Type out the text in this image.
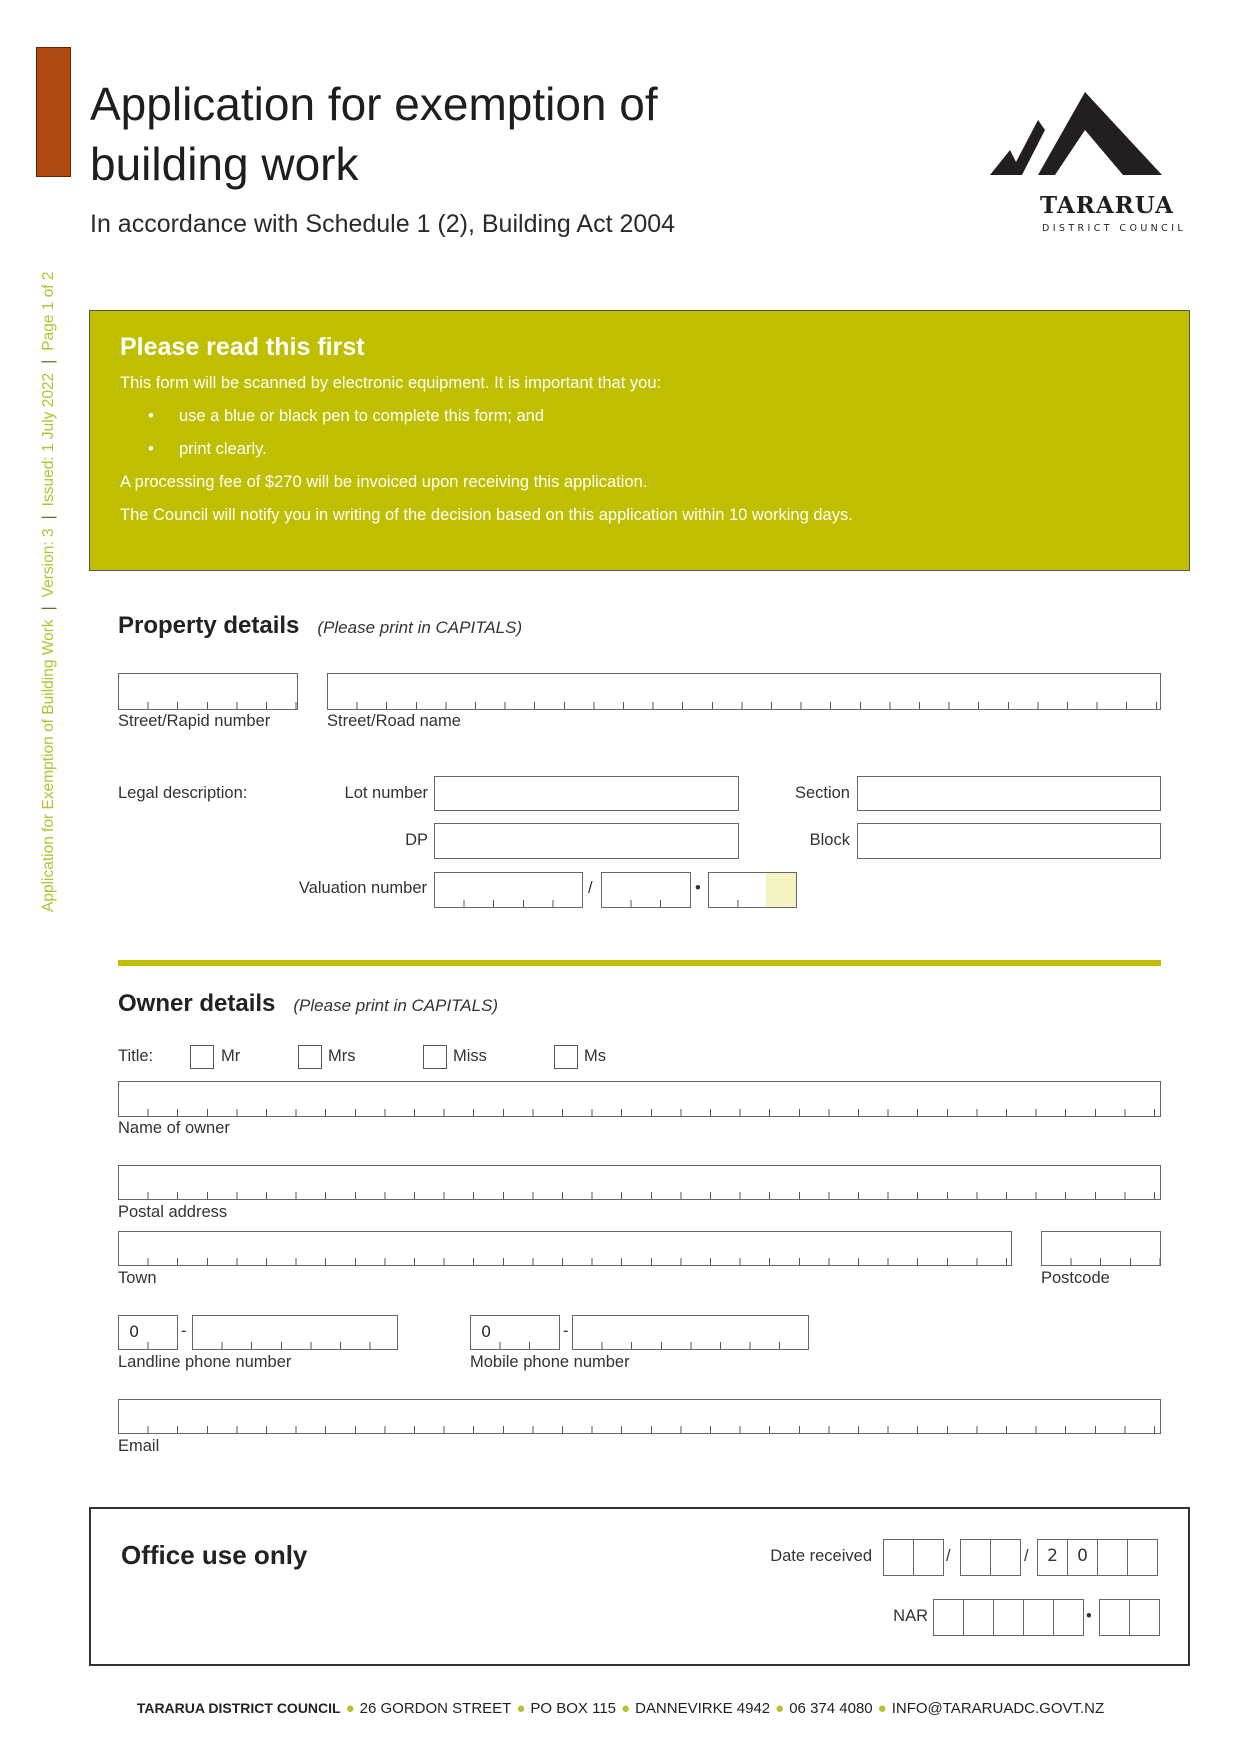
Application for Exemption of Building Work|Version: 3|Issued: 1 July 2022|Page 1 of 2
Application for exemption of
building work
In accordance with Schedule 1 (2), Building Act 2004
TARARUA
DISTRICT COUNCIL
Please read this first

This form will be scanned by electronic equipment. It is important that you:

• use a blue or black pen to complete this form; and
• print clearly.

A processing fee of $270 will be invoiced upon receiving this application.

The Council will notify you in writing of the decision based on this application within 10 working days.

Property details (Please print in CAPITALS)
Street/Rapid number	Street/Road name
Legal description:	Lot number	Section
DP	Block
Valuation number	/	•
Owner details (Please print in CAPITALS)
Title:	Mr	Mrs	Miss	Ms
Name of owner
Postal address
Town	Postcode
0	-	0	-
Landline phone number	Mobile phone number
Email
Office use only	Date received	/	/	2	0
NAR	•
TARARUA DISTRICT COUNCIL ● 26 GORDON STREET ● PO BOX 115 ● DANNEVIRKE 4942 ● 06 374 4080 ● INFO@TARARUADC.GOVT.NZ
